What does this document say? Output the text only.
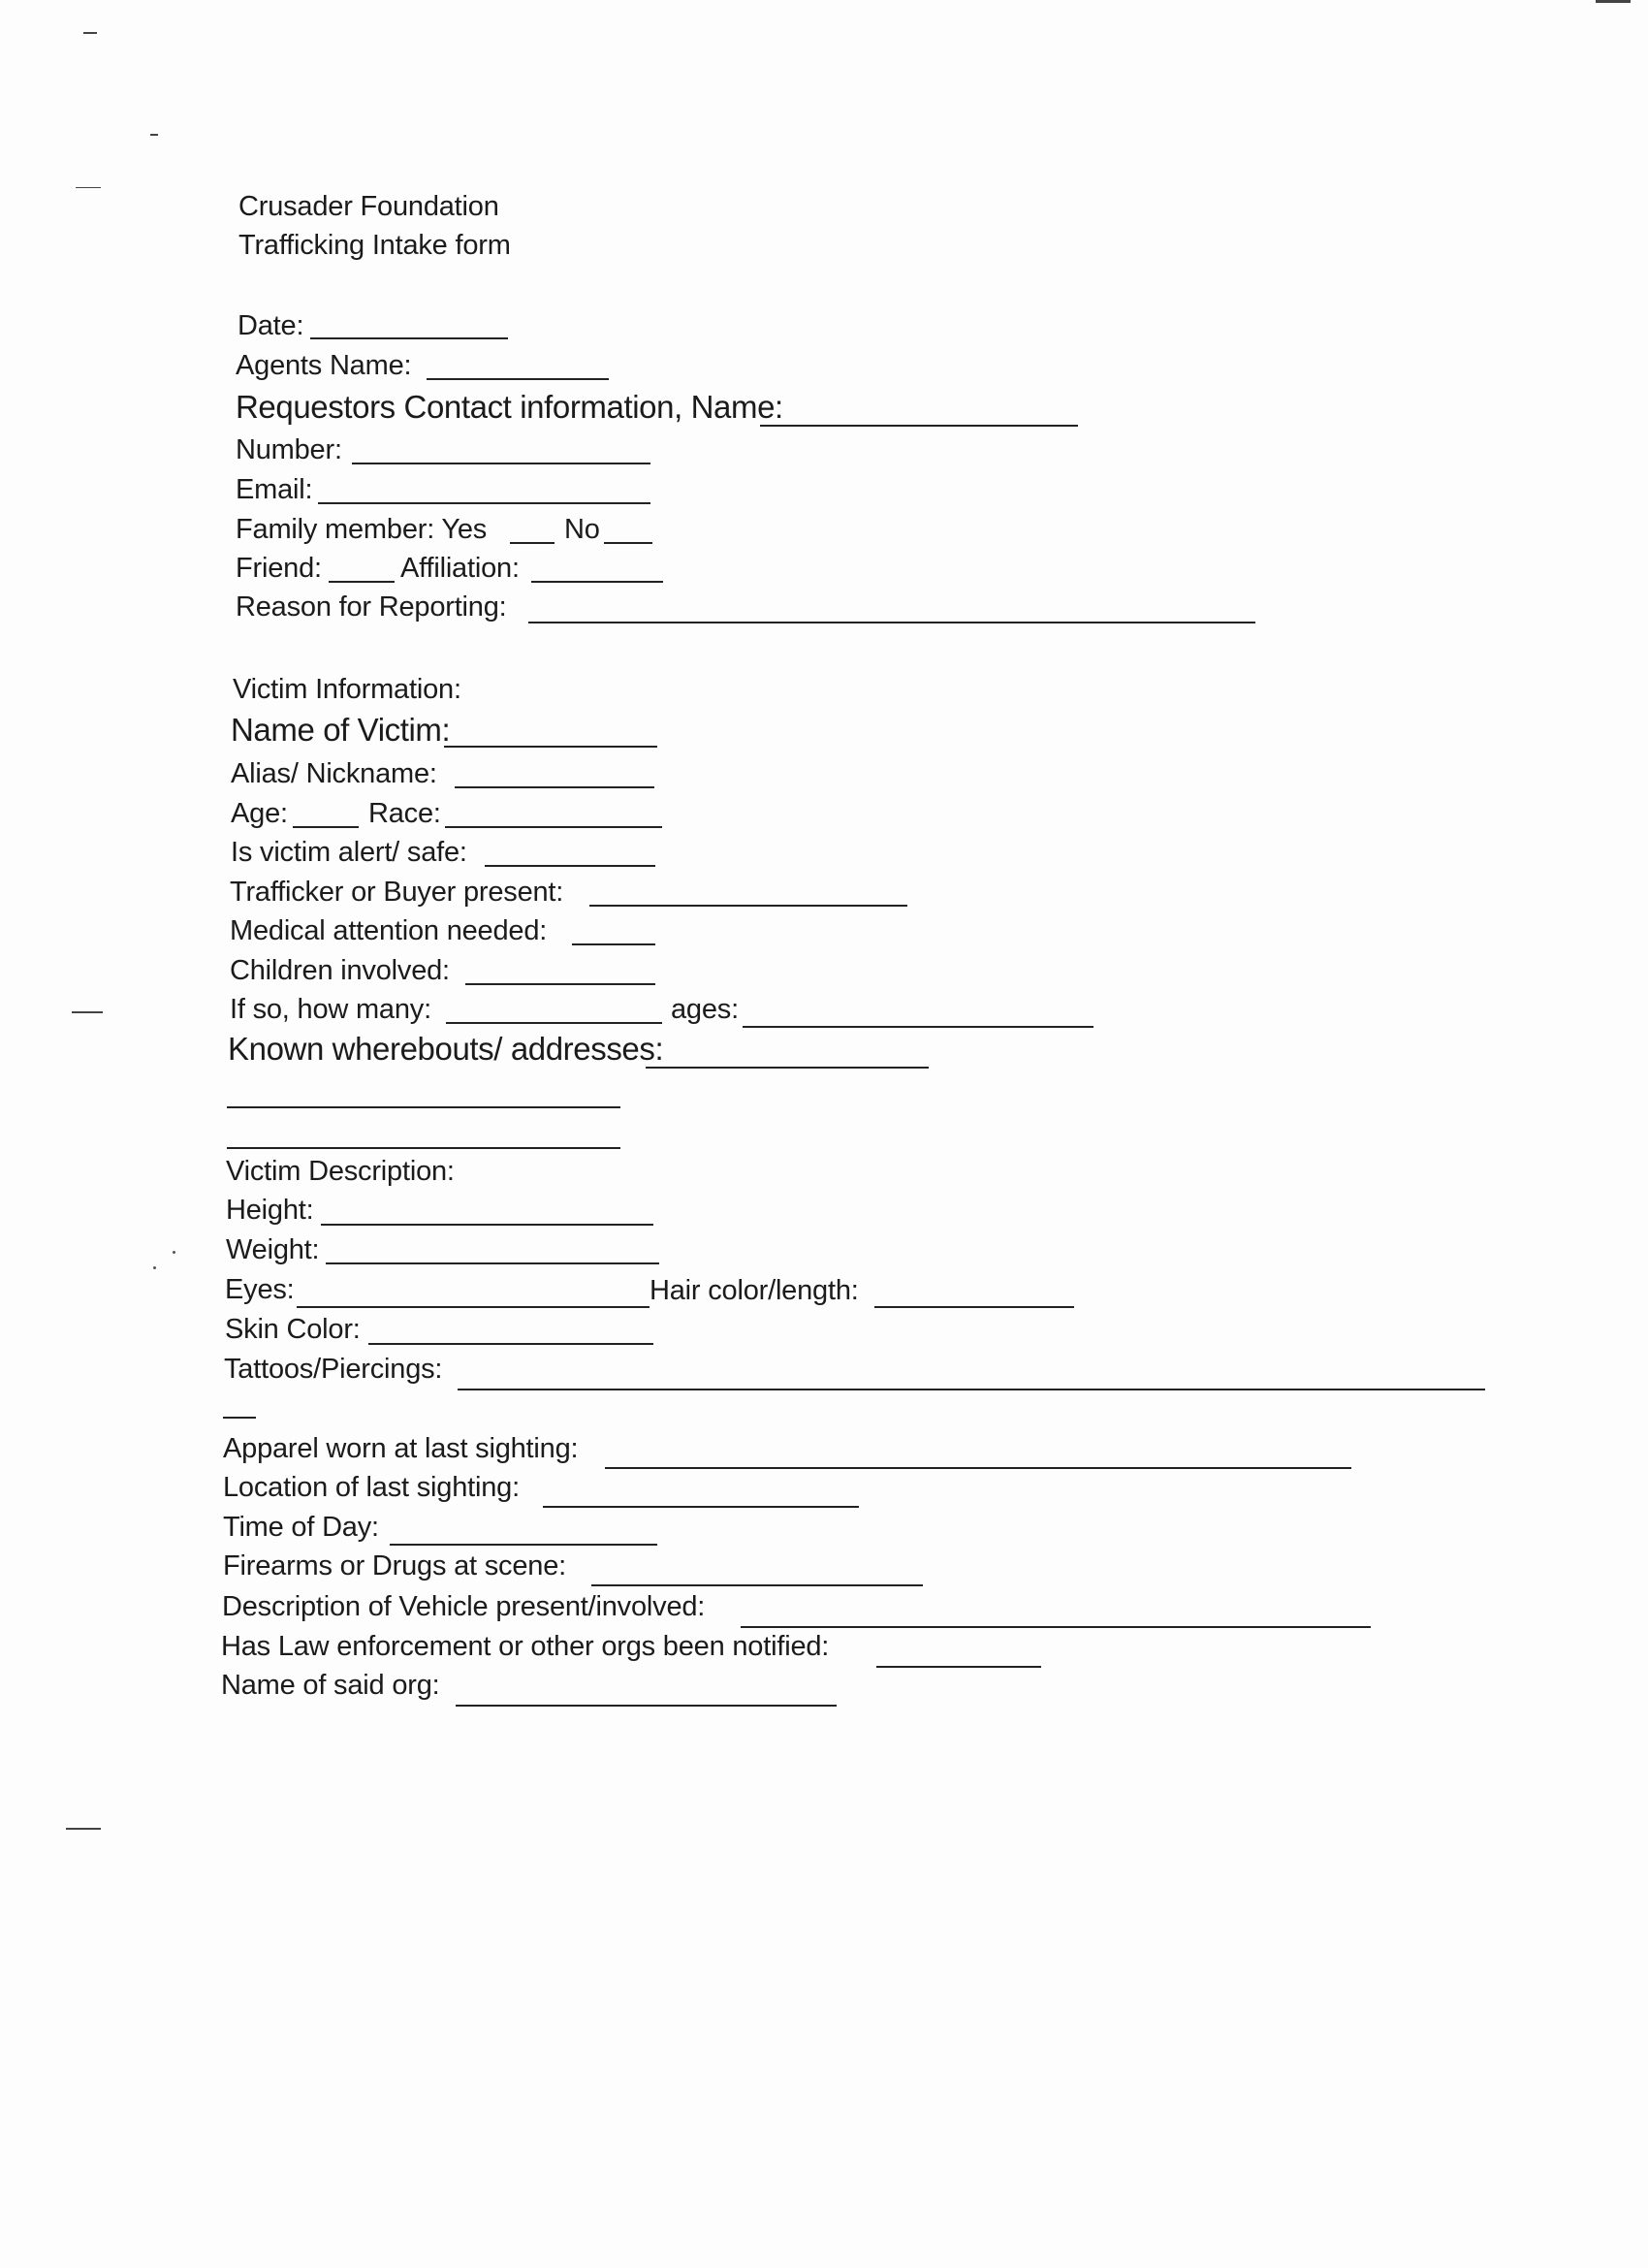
Crusader Foundation
Trafficking Intake form
Date:
Agents Name:
Requestors Contact information, Name:
Number:
Email:
Family member: Yes	No
Friend:	Affiliation:
Reason for Reporting:
Victim Information:
Name of Victim:
Alias/ Nickname:
Age:	Race:
Is victim alert/ safe:
Trafficker or Buyer present:
Medical attention needed:
Children involved:
If so, how many:	ages:
Known wherebouts/ addresses:
Victim Description:
Height:
Weight:
Eyes:	Hair color/length:
Skin Color:
Tattoos/Piercings:
Apparel worn at last sighting:
Location of last sighting:
Time of Day:
Firearms or Drugs at scene:
Description of Vehicle present/involved:
Has Law enforcement or other orgs been notified:
Name of said org:
